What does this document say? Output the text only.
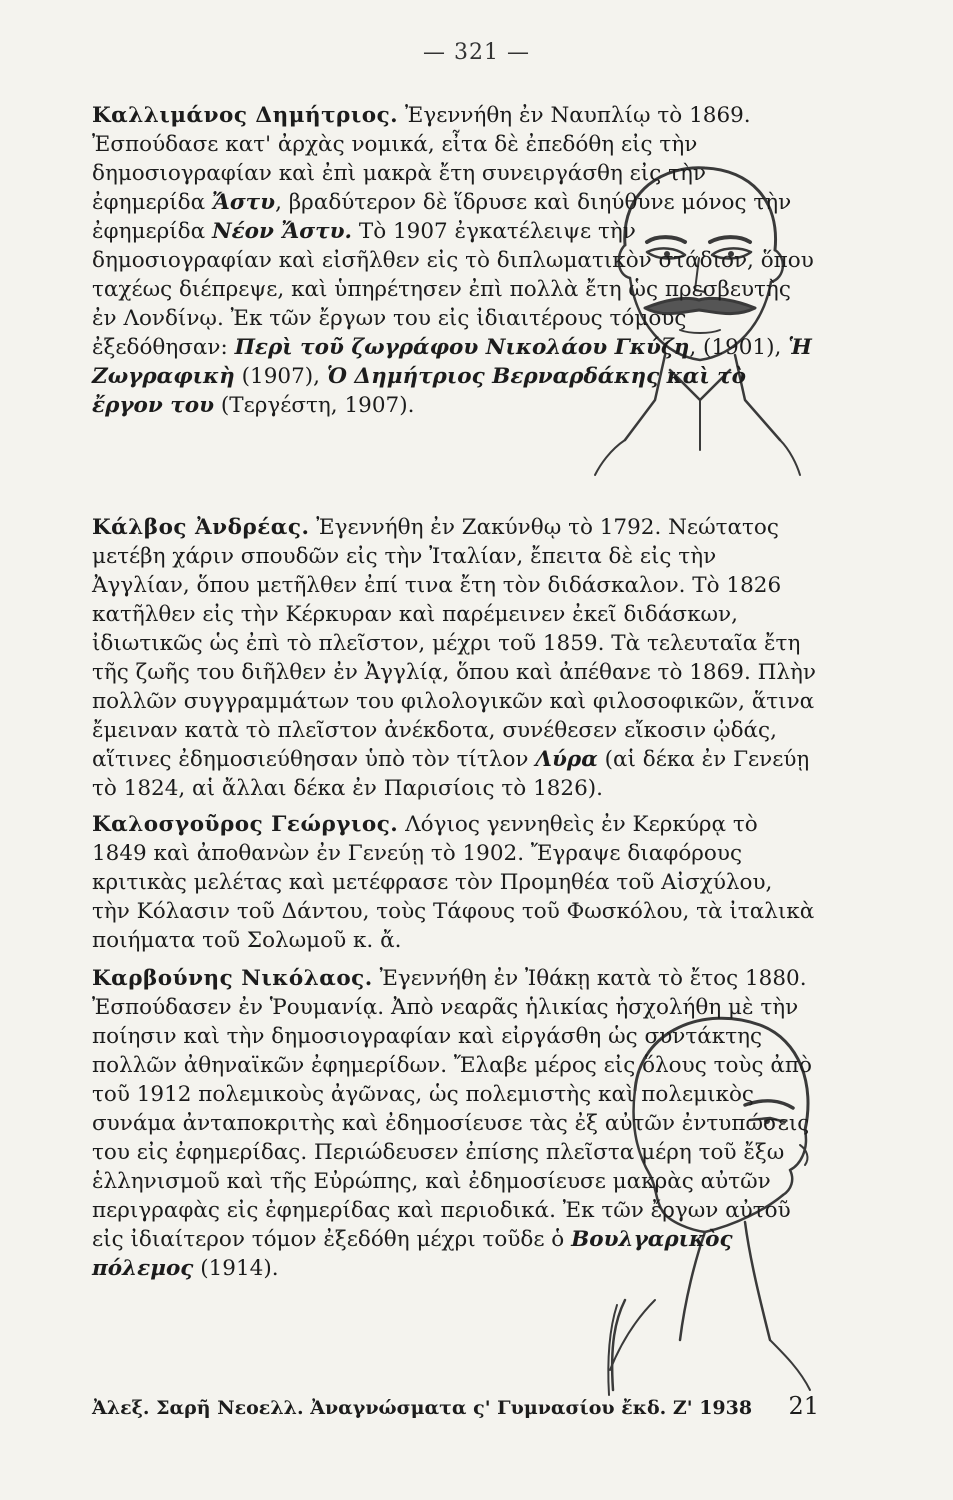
— 321 —

Καλλιμάνος Δημήτριος. Ἐγεννήθη ἐν Ναυπλίῳ τὸ 1869. Ἐσπούδασε κατ' ἀρχὰς νομικά, εἶτα δὲ ἐπεδόθη εἰς τὴν δημοσιογραφίαν καὶ ἐπὶ μακρὰ ἔτη συνειργάσθη εἰς τὴν ἐφημερίδα Ἄστυ, βραδύτερον δὲ ἵδρυσε καὶ διηύθυνε μόνος τὴν ἐφημερίδα Νέον Ἄστυ. Τὸ 1907 ἐγκατέλειψε τὴν δημοσιογραφίαν καὶ εἰσῆλθεν εἰς τὸ διπλωματικὸν στάδιον, ὅπου ταχέως διέπρεψε, καὶ ὑπηρέτησεν ἐπὶ πολλὰ ἔτη ὡς πρεσβευτὴς ἐν Λονδίνῳ. Ἐκ τῶν ἔργων του εἰς ἰδιαιτέρους τόμους ἐξεδόθησαν: Περὶ τοῦ ζωγράφου Νικολάου Γκύζη, (1901), Ἡ Ζωγραφικὴ (1907), Ὁ Δημήτριος Βερναρδάκης καὶ τὸ ἔργον του (Τεργέστη, 1907).

Κάλβος Ἀνδρέας. Ἐγεννήθη ἐν Ζακύνθῳ τὸ 1792. Νεώτατος μετέβη χάριν σπουδῶν εἰς τὴν Ἰταλίαν, ἔπειτα δὲ εἰς τὴν Ἀγγλίαν, ὅπου μετῆλθεν ἐπί τινα ἔτη τὸν διδάσκαλον. Τὸ 1826 κατῆλθεν εἰς τὴν Κέρκυραν καὶ παρέμεινεν ἐκεῖ διδάσκων, ἰδιωτικῶς ὡς ἐπὶ τὸ πλεῖστον, μέχρι τοῦ 1859. Τὰ τελευταῖα ἔτη τῆς ζωῆς του διῆλθεν ἐν Ἀγγλίᾳ, ὅπου καὶ ἀπέθανε τὸ 1869. Πλὴν πολλῶν συγγραμμάτων του φιλολογικῶν καὶ φιλοσοφικῶν, ἅτινα ἔμειναν κατὰ τὸ πλεῖστον ἀνέκδοτα, συνέθεσεν εἴκοσιν ᾠδάς, αἵτινες ἐδημοσιεύθησαν ὑπὸ τὸν τίτλον Λύρα (αἱ δέκα ἐν Γενεύῃ τὸ 1824, αἱ ἄλλαι δέκα ἐν Παρισίοις τὸ 1826).

Καλοσγοῦρος Γεώργιος. Λόγιος γεννηθεὶς ἐν Κερκύρᾳ τὸ 1849 καὶ ἀποθανὼν ἐν Γενεύῃ τὸ 1902. Ἔγραψε διαφόρους κριτικὰς μελέτας καὶ μετέφρασε τὸν Προμηθέα τοῦ Αἰσχύλου, τὴν Κόλασιν τοῦ Δάντου, τοὺς Τάφους τοῦ Φωσκόλου, τὰ ἰταλικὰ ποιήματα τοῦ Σολωμοῦ κ. ἄ.

Καρβούνης Νικόλαος. Ἐγεννήθη ἐν Ἰθάκῃ κατὰ τὸ ἔτος 1880. Ἐσπούδασεν ἐν Ῥουμανίᾳ. Ἀπὸ νεαρᾶς ἡλικίας ἠσχολήθη μὲ τὴν ποίησιν καὶ τὴν δημοσιογραφίαν καὶ εἰργάσθη ὡς συντάκτης πολλῶν ἀθηναϊκῶν ἐφημερίδων. Ἔλαβε μέρος εἰς ὅλους τοὺς ἀπὸ τοῦ 1912 πολεμικοὺς ἀγῶνας, ὡς πολεμιστὴς καὶ πολεμικὸς συνάμα ἀνταποκριτὴς καὶ ἐδημοσίευσε τὰς ἐξ αὐτῶν ἐντυπώσεις του εἰς ἐφημερίδας. Περιώδευσεν ἐπίσης πλεῖστα μέρη τοῦ ἔξω ἑλληνισμοῦ καὶ τῆς Εὐρώπης, καὶ ἐδημοσίευσε μακρὰς αὐτῶν περιγραφὰς εἰς ἐφημερίδας καὶ περιοδικά. Ἐκ τῶν ἔργων αὐτοῦ εἰς ἰδιαίτερον τόμον ἐξεδόθη μέχρι τοῦδε ὁ Βουλγαρικὸς πόλεμος (1914).

Ἀλεξ. Σαρῆ Νεοελλ. Ἀναγνώσματα ς' Γυμνασίου ἔκδ. Ζ' 1938 21
